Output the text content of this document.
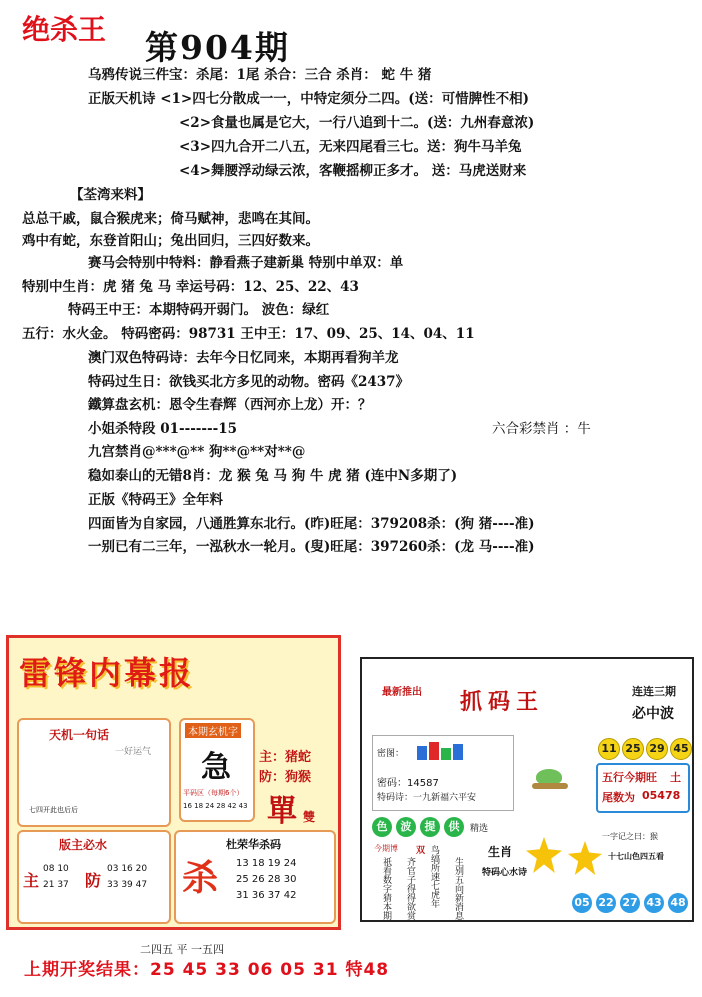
绝杀王 第904期
乌鸦传说三件宝：杀尾：1尾 杀合：三合 杀肖： 蛇 牛 猪
正版天机诗 <1>四七分散成一一，中特定须分二四。(送：可惜脾性不相)
<2>食量也属是它大，一行八追到十二。(送：九州春意浓)
<3>四九合开二八五，无来四尾看三七。送：狗牛马羊兔
<4>舞腰浮动绿云浓，客鞭摇柳正多才。 送：马虎送财来
【荃湾来料】
总总干戚，鼠合猴虎来；倚马赋神，悲鸣在其间。
鸡中有蛇，东登首阳山；兔出回归，三四好数来。
赛马会特别中特料：静看燕子建新巢 特别中单双：单
特别中生肖：虎 猪 兔 马 幸运号码：12、25、22、43
特码王中王：本期特码开弱门。 波色：绿红
五行：水火金。 特码密码：98731 王中王：17、09、25、14、04、11
澳门双色特码诗：去年今日忆同来，本期再看狗羊龙
特码过生日：欲钱买北方多见的动物。密码《2437》
鐵算盘玄机：恩令生春辉（西河亦上龙）开：？
小姐杀特段 01-------15	六合彩禁肖 ：牛
九宫禁肖@***@** 狗**@**对**@
稳如泰山的无错8肖：龙 猴 兔 马 狗 牛 虎 猪 (连中N多期了)
正版《特码王》全年料
四面皆为自家园，八通胜算东北行。(昨)旺尾：379208杀：(狗 猪----准)
一别已有二三年，一泓秋水一轮月。(叟)旺尾：397260杀：(龙 马----准)
雷锋内幕报
天机一句话
一好运气
七四开此也后后
本期玄机字
急
平码区（每期6个）
16 18 24 28 42 43
主：猪蛇
防：狗猴
單 雙
版主必水
主
08 10
21 37 防
03 16 20
33 39 47
杜荣华杀码
杀 13 18 19 24
25 26 28 30
31 36 37 42
最新推出 抓码王	连连三期
必中波
11 25 29 45
密图：
密码：14587
特码诗：一九新福六平安
五行今期旺 土
尾数为 05478
色	波	提	供	精选
今期博 双
祇看数字猜本期 齐官子得得欲赏 鸟缟所速七虎年 生别五向新消息
生肖
特码心水诗
一字记之曰：猴
十七山色四五看
05 22 27 43 48
二四五 平 一五四
上期开奖结果：25 45 33 06 05 31 特48
